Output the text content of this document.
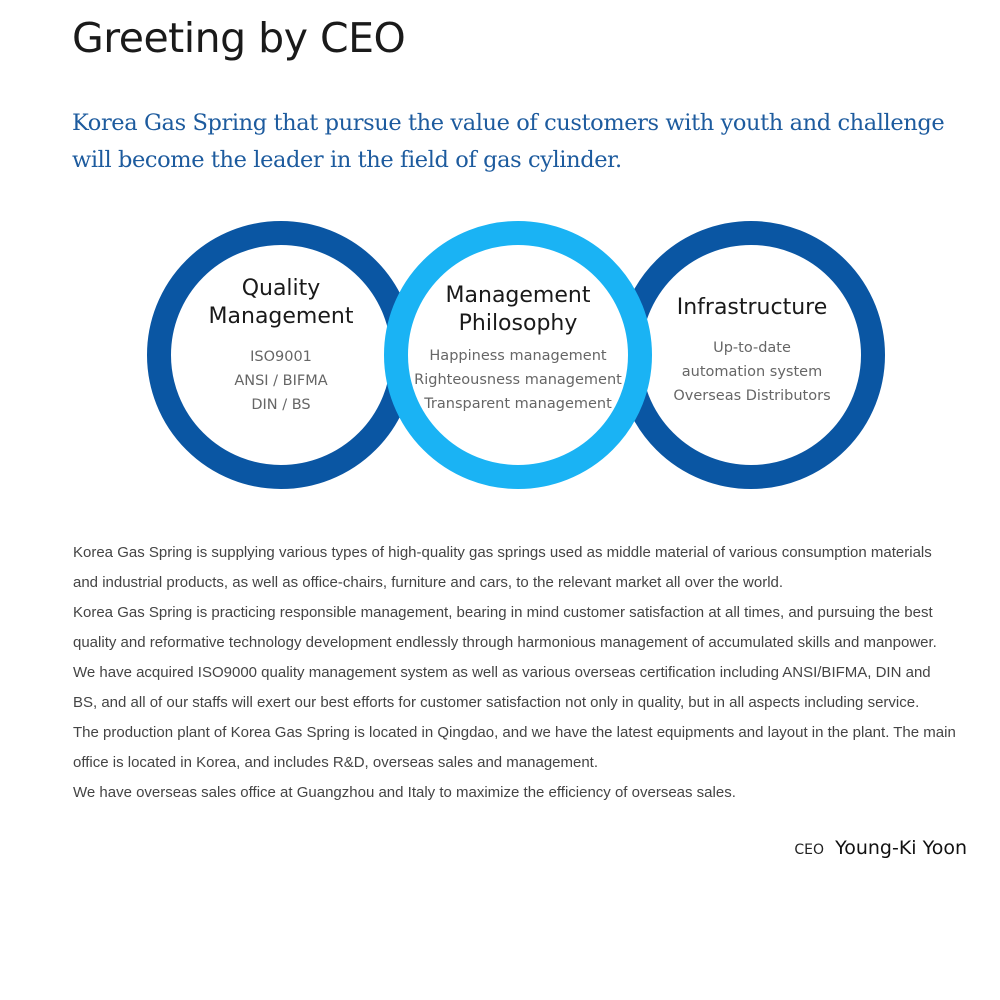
Greeting by CEO
Korea Gas Spring that pursue the value of customers with youth and challenge
will become the leader in the field of gas cylinder.
Quality
Management
ISO9001
ANSI / BIFMA
DIN / BS
Management
Philosophy
Happiness management
Righteousness management
Transparent management
Infrastructure
Up-to-date
automation system
Overseas Distributors
Korea Gas Spring is supplying various types of high-quality gas springs used as middle material of various consumption materials
and industrial products, as well as office-chairs, furniture and cars, to the relevant market all over the world.
Korea Gas Spring is practicing responsible management, bearing in mind customer satisfaction at all times, and pursuing the best
quality and reformative technology development endlessly through harmonious management of accumulated skills and manpower.
We have acquired ISO9000 quality management system as well as various overseas certification including ANSI/BIFMA, DIN and
BS, and all of our staffs will exert our best efforts for customer satisfaction not only in quality, but in all aspects including service.
The production plant of Korea Gas Spring is located in Qingdao, and we have the latest equipments and layout in the plant. The main
office is located in Korea, and includes R&D, overseas sales and management.
We have overseas sales office at Guangzhou and Italy to maximize the efficiency of overseas sales.
CEO Young-Ki Yoon
